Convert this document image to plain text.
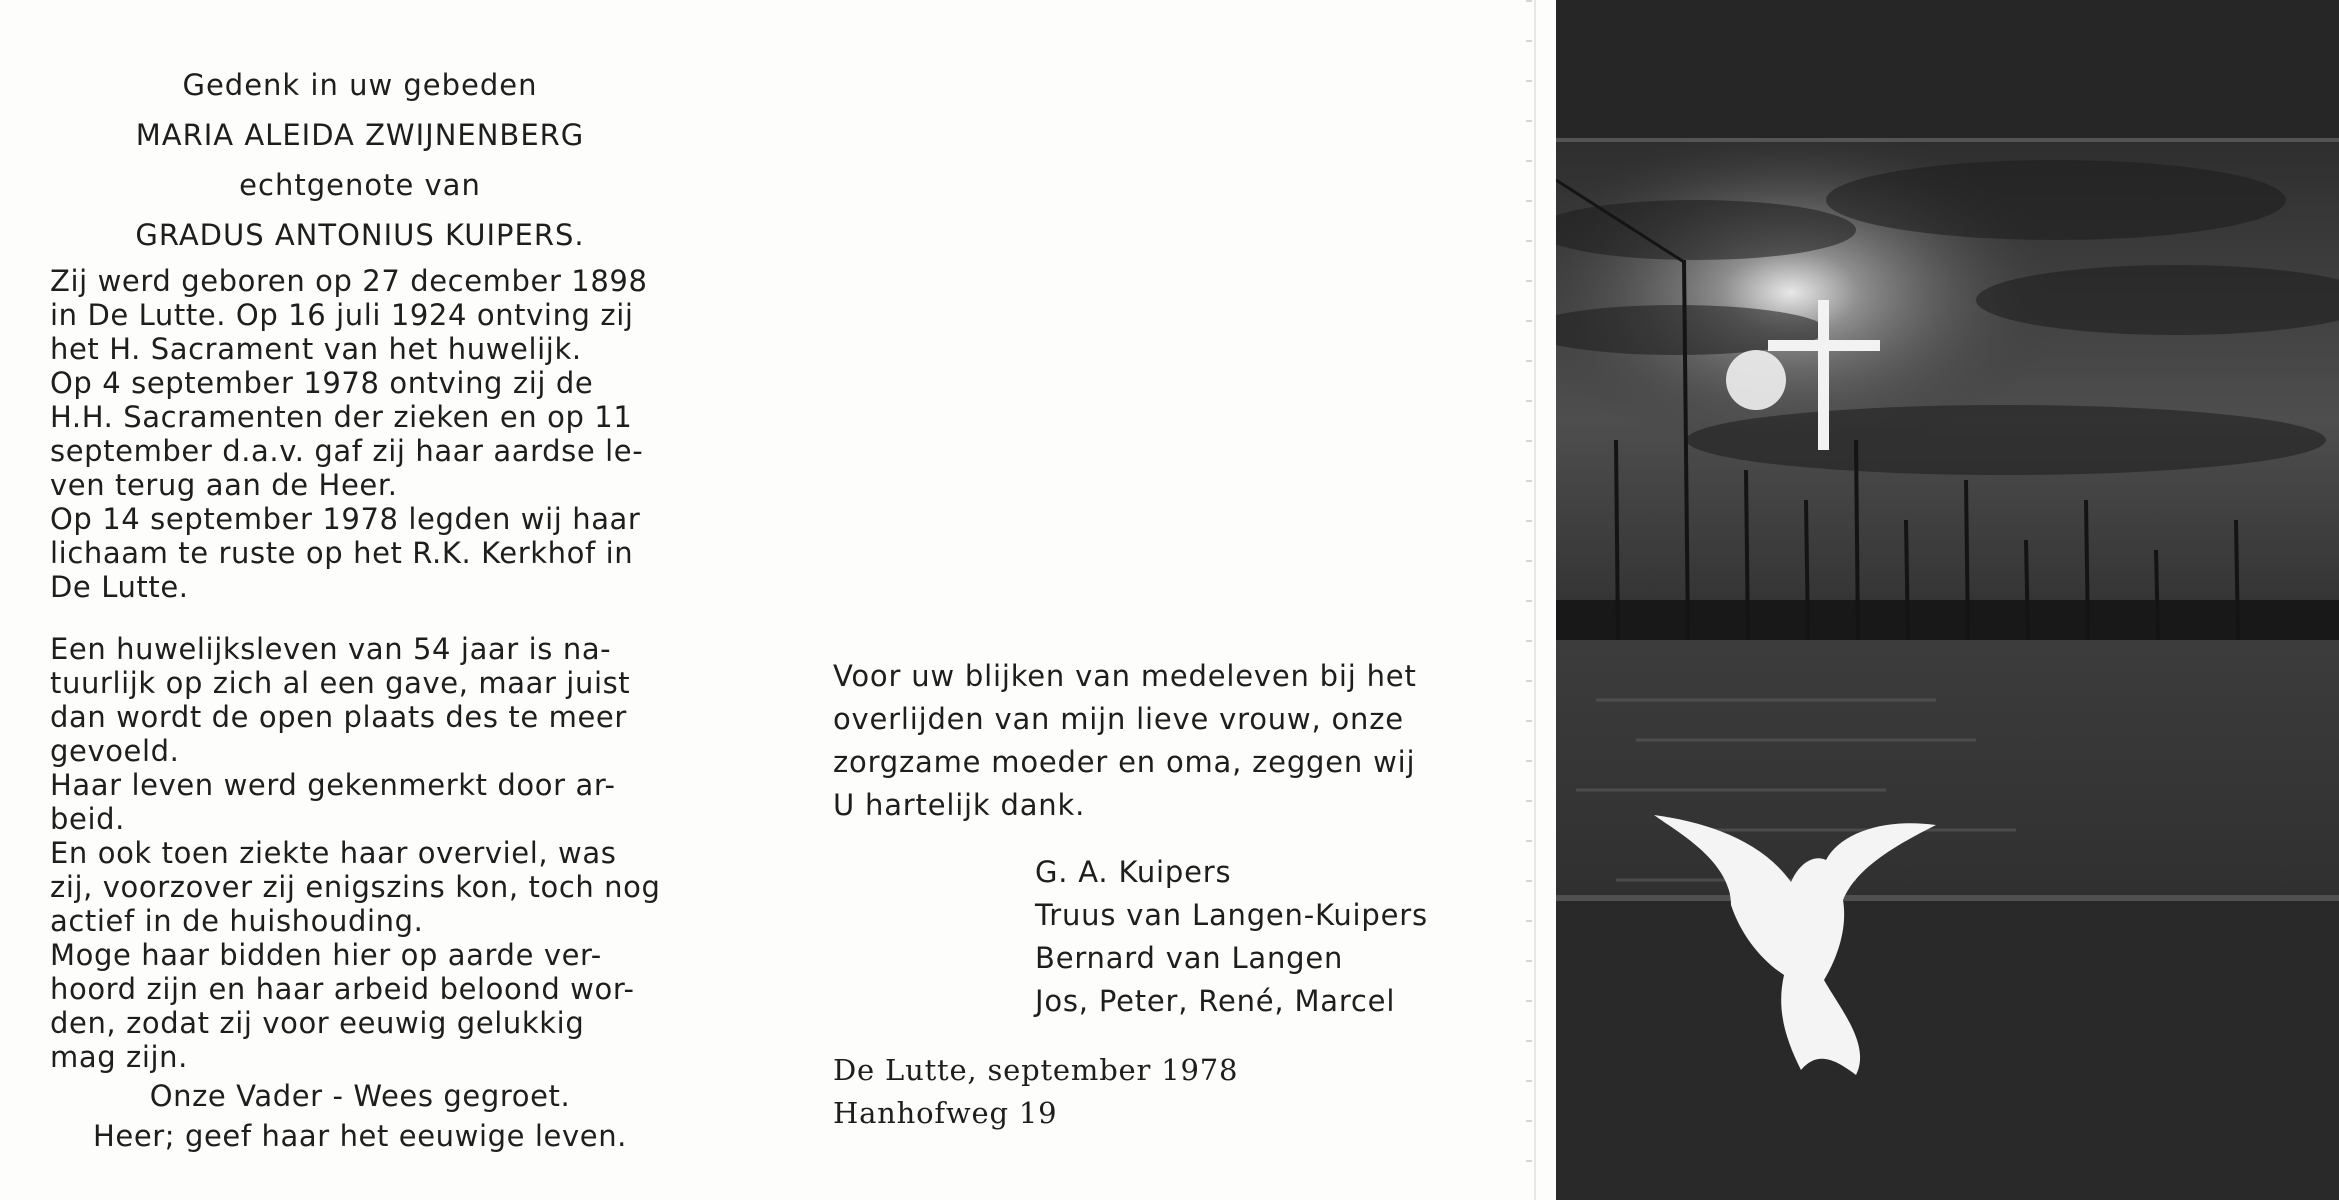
Gedenk in uw gebeden
MARIA ALEIDA ZWIJNENBERG
echtgenote van
GRADUS ANTONIUS KUIPERS.

Zij werd geboren op 27 december 1898

in De Lutte. Op 16 juli 1924 ontving zij

het H. Sacrament van het huwelijk.

Op 4 september 1978 ontving zij de

H.H. Sacramenten der zieken en op 11

september d.a.v. gaf zij haar aardse le-

ven terug aan de Heer.

Op 14 september 1978 legden wij haar

lichaam te ruste op het R.K. Kerkhof in

De Lutte.

Een huwelijksleven van 54 jaar is na-

tuurlijk op zich al een gave, maar juist

dan wordt de open plaats des te meer

gevoeld.

Haar leven werd gekenmerkt door ar-

beid.

En ook toen ziekte haar overviel, was

zij, voorzover zij enigszins kon, toch nog

actief in de huishouding.

Moge haar bidden hier op aarde ver-

hoord zijn en haar arbeid beloond wor-

den, zodat zij voor eeuwig gelukkig

mag zijn.

Onze Vader - Wees gegroet.
Heer; geef haar het eeuwige leven.
Voor uw blijken van medeleven bij het
overlijden van mijn lieve vrouw, onze
zorgzame moeder en oma, zeggen wij
U hartelijk dank.
G. A. Kuipers
Truus van Langen-Kuipers
Bernard van Langen
Jos, Peter, René, Marcel
De Lutte, september 1978
Hanhofweg 19
